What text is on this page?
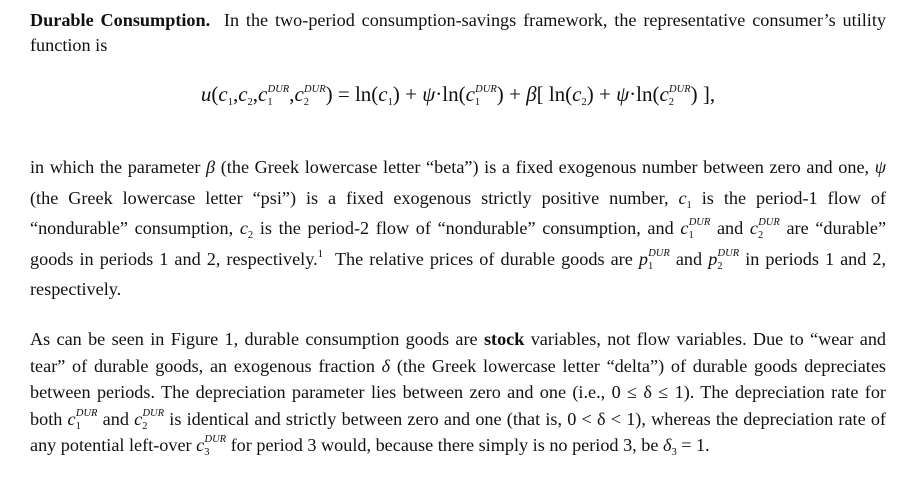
Durable Consumption. In the two-period consumption-savings framework, the representative consumer’s utility function is

$u(c_1,c_2,c_1^{DUR},c_2^{DUR}) = \ln(c_1) + \psi\cdot\ln(c_1^{DUR}) + \beta$[ $\ln(c_2) + \psi\cdot\ln(c_2^{DUR})$ ],

in which the parameter β (the Greek lowercase letter “beta”) is a fixed exogenous number between zero and one, ψ (the Greek lowercase letter “psi”) is a fixed exogenous strictly positive number, $c_1$ is the period-1 flow of “nondurable” consumption, $c_2$ is the period-2 flow of “nondurable” consumption, and $c_1^{DUR}$ and $c_2^{DUR}$ are “durable” goods in periods 1 and 2, respectively.$^1$ The relative prices of durable goods are $p_1^{DUR}$ and $p_2^{DUR}$ in periods 1 and 2, respectively.

As can be seen in Figure 1, durable consumption goods are stock variables, not flow variables. Due to “wear and tear” of durable goods, an exogenous fraction δ (the Greek lowercase letter “delta”) of durable goods depreciates between periods. The depreciation parameter lies between zero and one (i.e., 0 ≤ δ ≤ 1). The depreciation rate for both $c_1^{DUR}$ and $c_2^{DUR}$ is identical and strictly between zero and one (that is, 0 < δ < 1), whereas the depreciation rate of any potential left-over $c_3^{DUR}$ for period 3 would, because there simply is no period 3, be $\delta_3 = 1$.
